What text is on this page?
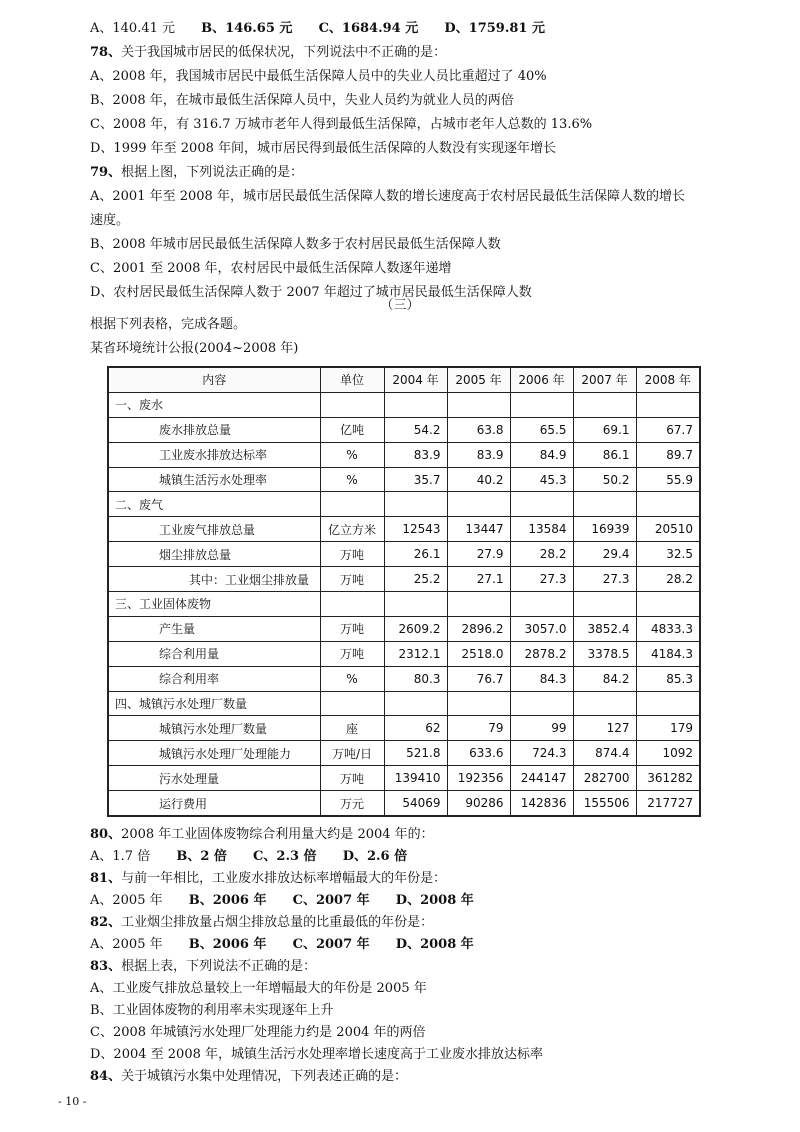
A、140.41 元 B、146.65 元 C、1684.94 元 D、1759.81 元
78、关于我国城市居民的低保状况，下列说法中不正确的是：
A、2008 年，我国城市居民中最低生活保障人员中的失业人员比重超过了 40%
B、2008 年，在城市最低生活保障人员中，失业人员约为就业人员的两倍
C、2008 年，有 316.7 万城市老年人得到最低生活保障，占城市老年人总数的 13.6%
D、1999 年至 2008 年间，城市居民得到最低生活保障的人数没有实现逐年增长
79、根据上图，下列说法正确的是：
A、2001 年至 2008 年，城市居民最低生活保障人数的增长速度高于农村居民最低生活保障人数的增长
速度。
B、2008 年城市居民最低生活保障人数多于农村居民最低生活保障人数
C、2001 至 2008 年，农村居民中最低生活保障人数逐年递增
D、农村居民最低生活保障人数于 2007 年超过了城市居民最低生活保障人数
（三）
根据下列表格，完成各题。
某省环境统计公报(2004~2008 年)
内容	单位	2004 年	2005 年	2006 年	2007 年	2008 年
一、废水						
废水排放总量	亿吨	54.2	63.8	65.5	69.1	67.7
工业废水排放达标率	%	83.9	83.9	84.9	86.1	89.7
城镇生活污水处理率	%	35.7	40.2	45.3	50.2	55.9
二、废气						
工业废气排放总量	亿立方米	12543	13447	13584	16939	20510
烟尘排放总量	万吨	26.1	27.9	28.2	29.4	32.5
其中：工业烟尘排放量	万吨	25.2	27.1	27.3	27.3	28.2
三、工业固体废物						
产生量	万吨	2609.2	2896.2	3057.0	3852.4	4833.3
综合利用量	万吨	2312.1	2518.0	2878.2	3378.5	4184.3
综合利用率	%	80.3	76.7	84.3	84.2	85.3
四、城镇污水处理厂数量						
城镇污水处理厂数量	座	62	79	99	127	179
城镇污水处理厂处理能力	万吨/日	521.8	633.6	724.3	874.4	1092
污水处理量	万吨	139410	192356	244147	282700	361282
运行费用	万元	54069	90286	142836	155506	217727
80、2008 年工业固体废物综合利用量大约是 2004 年的：
A、1.7 倍 B、2 倍 C、2.3 倍 D、2.6 倍
81、与前一年相比，工业废水排放达标率增幅最大的年份是：
A、2005 年 B、2006 年 C、2007 年 D、2008 年
82、工业烟尘排放量占烟尘排放总量的比重最低的年份是：
A、2005 年 B、2006 年 C、2007 年 D、2008 年
83、根据上表，下列说法不正确的是：
A、工业废气排放总量较上一年增幅最大的年份是 2005 年
B、工业固体废物的利用率未实现逐年上升
C、2008 年城镇污水处理厂处理能力约是 2004 年的两倍
D、2004 至 2008 年，城镇生活污水处理率增长速度高于工业废水排放达标率
84、关于城镇污水集中处理情况，下列表述正确的是：
- 10 -
